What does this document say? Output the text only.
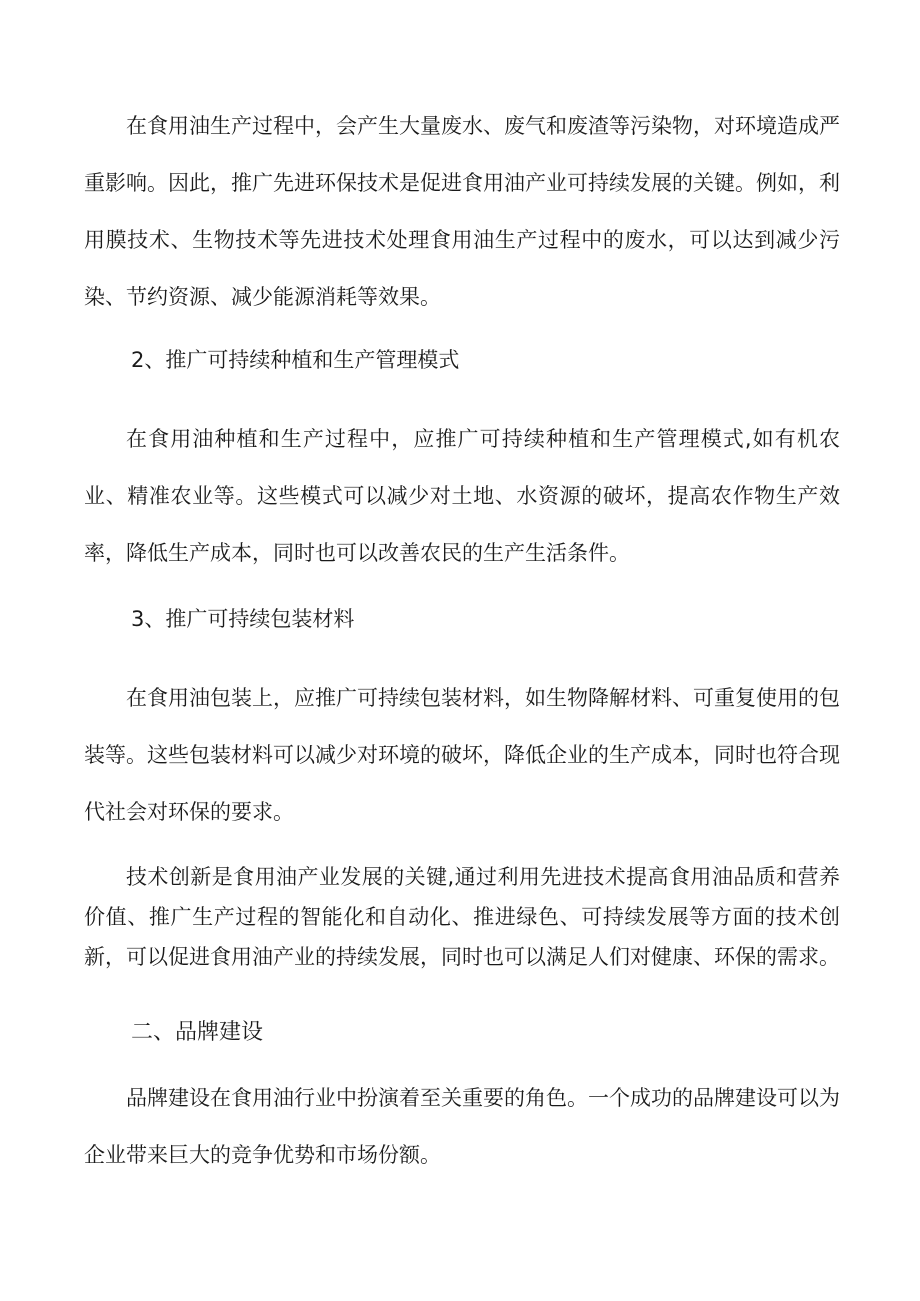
在食用油生产过程中，会产生大量废水、废气和废渣等污染物，对环境造成严重影响。因此，推广先进环保技术是促进食用油产业可持续发展的关键。例如，利用膜技术、生物技术等先进技术处理食用油生产过程中的废水，可以达到减少污染、节约资源、减少能源消耗等效果。

2、推广可持续种植和生产管理模式

在食用油种植和生产过程中，应推广可持续种植和生产管理模式,如有机农业、精准农业等。这些模式可以减少对土地、水资源的破坏，提高农作物生产效率，降低生产成本，同时也可以改善农民的生产生活条件。

3、推广可持续包装材料

在食用油包装上，应推广可持续包装材料，如生物降解材料、可重复使用的包装等。这些包装材料可以减少对环境的破坏，降低企业的生产成本，同时也符合现代社会对环保的要求。

技术创新是食用油产业发展的关键,通过利用先进技术提高食用油品质和营养价值、推广生产过程的智能化和自动化、推进绿色、可持续发展等方面的技术创新，可以促进食用油产业的持续发展，同时也可以满足人们对健康、环保的需求。

二、品牌建设

品牌建设在食用油行业中扮演着至关重要的角色。一个成功的品牌建设可以为企业带来巨大的竞争优势和市场份额。
